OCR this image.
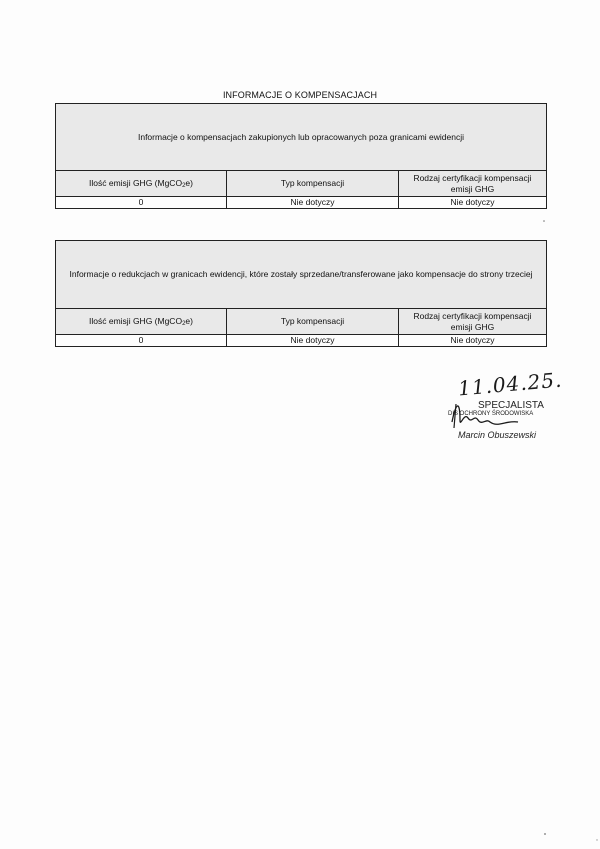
INFORMACJE O KOMPENSACJACH
Informacje o kompensacjach zakupionych lub opracowanych poza granicami ewidencji		
Ilość emisji GHG (MgCO$_2$e)	Typ kompensacji	Rodzaj certyfikacji kompensacji emisji GHG
0	Nie dotyczy	Nie dotyczy
Informacje o redukcjach w granicach ewidencji, które zostały sprzedane/transferowane jako kompensacje do strony trzeciej		
Ilość emisji GHG (MgCO$_2$e)	Typ kompensacji	Rodzaj certyfikacji kompensacji emisji GHG
0	Nie dotyczy	Nie dotyczy
11.04.25.
SPECJALISTA
DIS OCHRONY ŚRODOWISKA
Marcin Obuszewski
